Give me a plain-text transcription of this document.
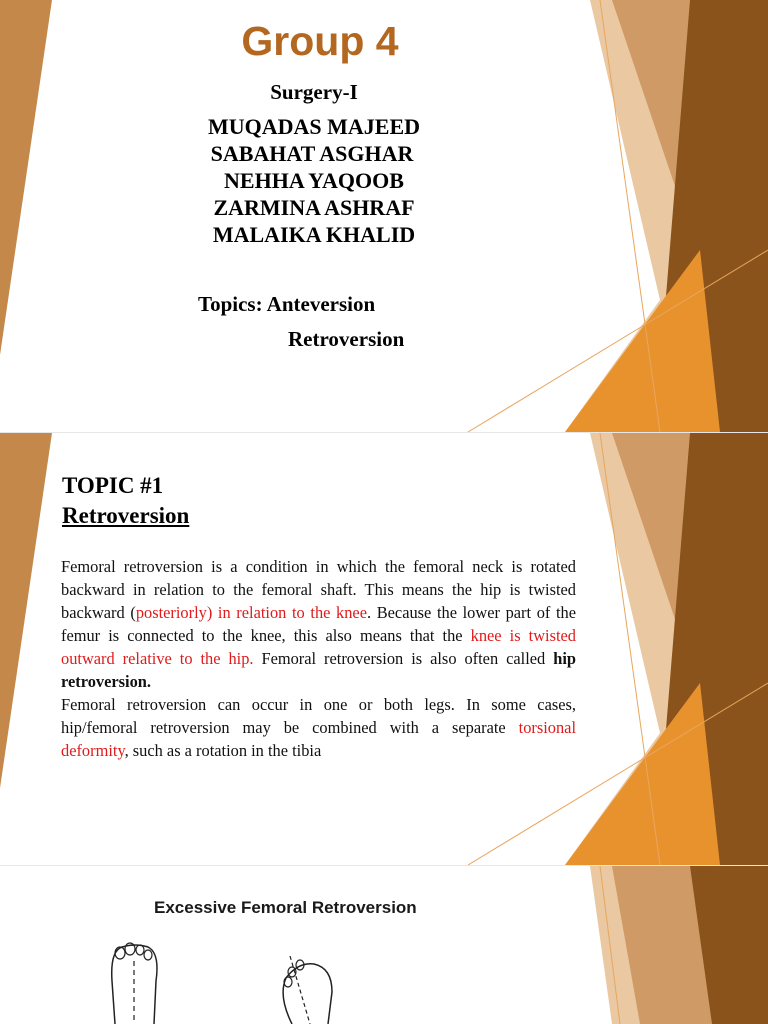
Group 4
Surgery-I
MUQADAS MAJEED
SABAHAT ASGHAR
NEHHA YAQOOB
ZARMINA ASHRAF
MALAIKA KHALID
Topics: Anteversion
Retroversion
TOPIC #1
Retroversion
Femoral retroversion is a condition in which the femoral neck is rotated backward in relation to the femoral shaft. This means the hip is twisted backward (posteriorly) in relation to the knee. Because the lower part of the femur is connected to the knee, this also means that the knee is twisted outward relative to the hip. Femoral retroversion is also often called hip retroversion.
Femoral retroversion can occur in one or both legs. In some cases, hip/femoral retroversion may be combined with a separate torsional deformity, such as a rotation in the tibia
Excessive Femoral Retroversion
